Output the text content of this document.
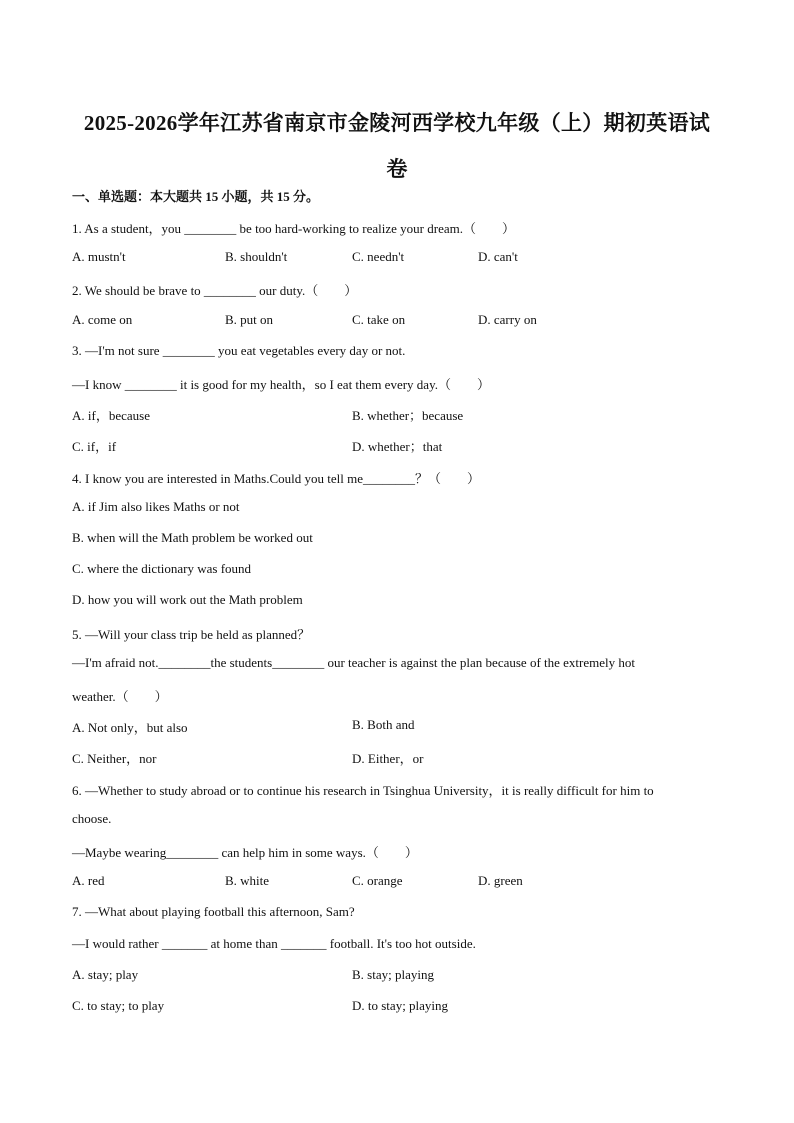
2025-2026学年江苏省南京市金陵河西学校九年级（上）期初英语试
卷
一、单选题：本大题共 15 小题，共 15 分。
1. As a student，you ________ be too hard-working to realize your dream.（　　）
A. mustn't	B. shouldn't	C. needn't	D. can't
2. We should be brave to ________ our duty.（　　）
A. come on	B. put on	C. take on	D. carry on
3. —I'm not sure ________ you eat vegetables every day or not.
—I know ________ it is good for my health，so I eat them every day.（　　）
A. if，because	B. whether；because
C. if，if	D. whether；that
4. I know you are interested in Maths.Could you tell me________？（　　）
A. if Jim also likes Maths or not
B. when will the Math problem be worked out
C. where the dictionary was found
D. how you will work out the Math problem
5. —Will your class trip be held as planned？
—I'm afraid not.________the students________ our teacher is against the plan because of the extremely hot
weather.（　　）
A. Not only，but also	B. Both and
C. Neither，nor	D. Either，or
6. —Whether to study abroad or to continue his research in Tsinghua University，it is really difficult for him to
choose.
—Maybe wearing________ can help him in some ways.（　　）
A. red	B. white	C. orange	D. green
7. —What about playing football this afternoon, Sam?
—I would rather _______ at home than _______ football. It's too hot outside.
A. stay; play	B. stay; playing
C. to stay; to play	D. to stay; playing
